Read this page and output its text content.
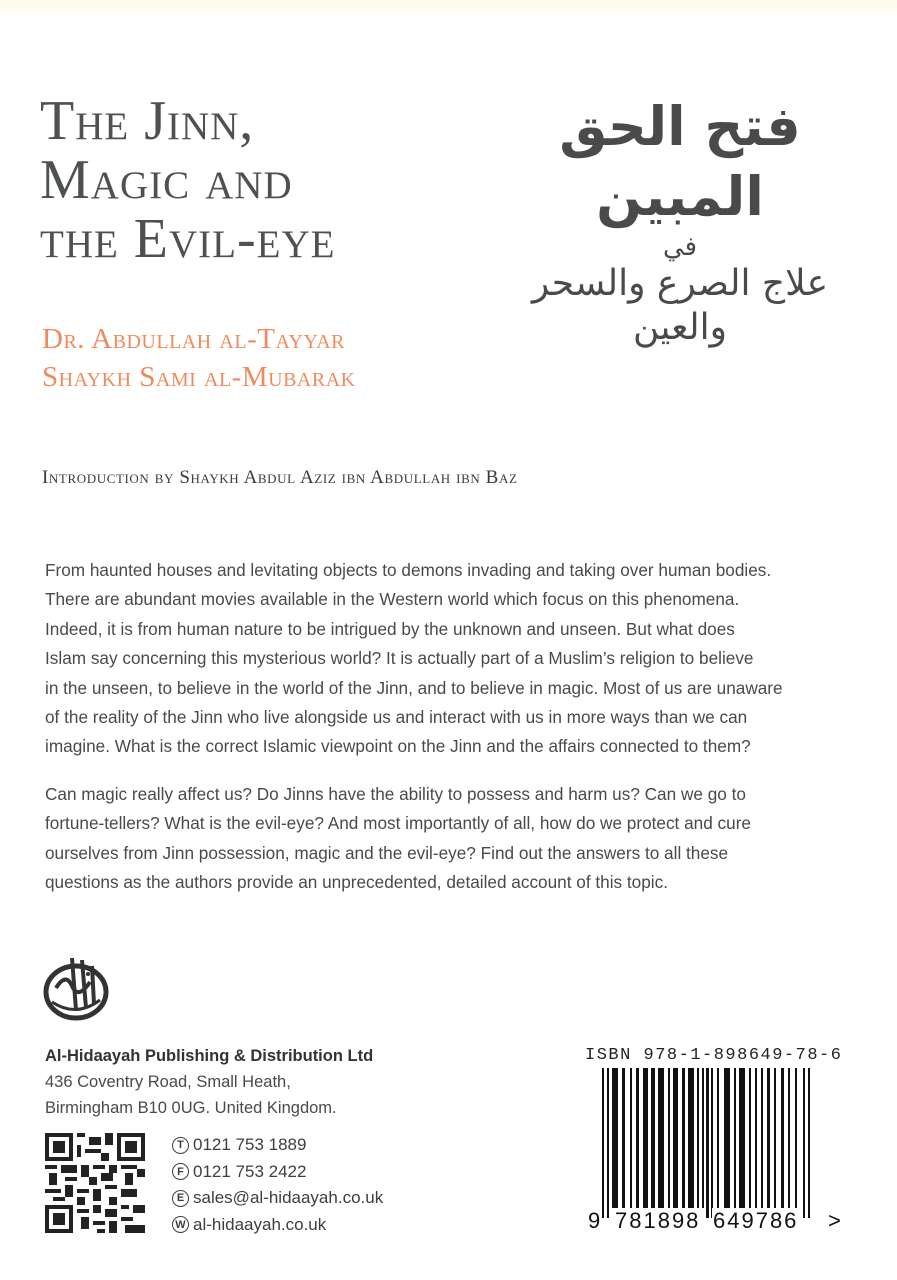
The Jinn,
Magic and
the Evil-eye
فتح الحق المبين
في
علاج الصرع والسحر والعين
Dr. Abdullah al-Tayyar
Shaykh Sami al-Mubarak
Introduction by Shaykh Abdul Aziz ibn Abdullah ibn Baz
From haunted houses and levitating objects to demons invading and taking over human bodies.
There are abundant movies available in the Western world which focus on this phenomena.
Indeed, it is from human nature to be intrigued by the unknown and unseen. But what does
Islam say concerning this mysterious world? It is actually part of a Muslim’s religion to believe
in the unseen, to believe in the world of the Jinn, and to believe in magic. Most of us are unaware
of the reality of the Jinn who live alongside us and interact with us in more ways than we can
imagine. What is the correct Islamic viewpoint on the Jinn and the affairs connected to them?
Can magic really affect us? Do Jinns have the ability to possess and harm us? Can we go to
fortune-tellers? What is the evil-eye? And most importantly of all, how do we protect and cure
ourselves from Jinn possession, magic and the evil-eye? Find out the answers to all these
questions as the authors provide an unprecedented, detailed account of this topic.
Al-Hidaayah Publishing & Distribution Ltd
436 Coventry Road, Small Heath,
Birmingham B10 0UG. United Kingdom.
T 0121 753 1889
F 0121 753 2422
E sales@al-hidaayah.co.uk
W al-hidaayah.co.uk
ISBN 978-1-898649-78-6
9 781898 649786 >
